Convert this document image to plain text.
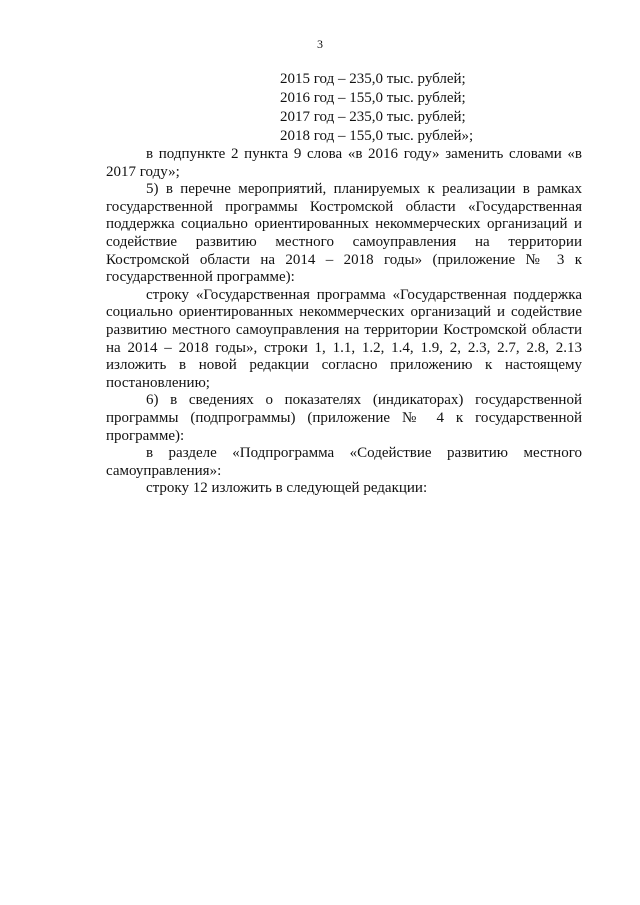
3
2015 год – 235,0 тыс. рублей;
2016 год – 155,0 тыс. рублей;
2017 год – 235,0 тыс. рублей;
2018 год – 155,0 тыс. рублей»;

в подпункте 2 пункта 9 слова «в 2016 году» заменить словами «в 2017 году»;

5) в перечне мероприятий, планируемых к реализации в рамках государственной программы Костромской области «Государственная поддержка социально ориентированных некоммерческих организаций и содействие развитию местного самоуправления на территории Костромской области на 2014 – 2018 годы» (приложение № 3 к государственной программе):

строку «Государственная программа «Государственная поддержка социально ориентированных некоммерческих организаций и содействие развитию местного самоуправления на территории Костромской области на 2014 – 2018 годы», строки 1, 1.1, 1.2, 1.4, 1.9, 2, 2.3, 2.7, 2.8, 2.13 изложить в новой редакции согласно приложению к настоящему постановлению;

6) в сведениях о показателях (индикаторах) государственной программы (подпрограммы) (приложение № 4 к государственной программе):

в разделе «Подпрограмма «Содействие развитию местного самоуправления»:

строку 12 изложить в следующей редакции:
